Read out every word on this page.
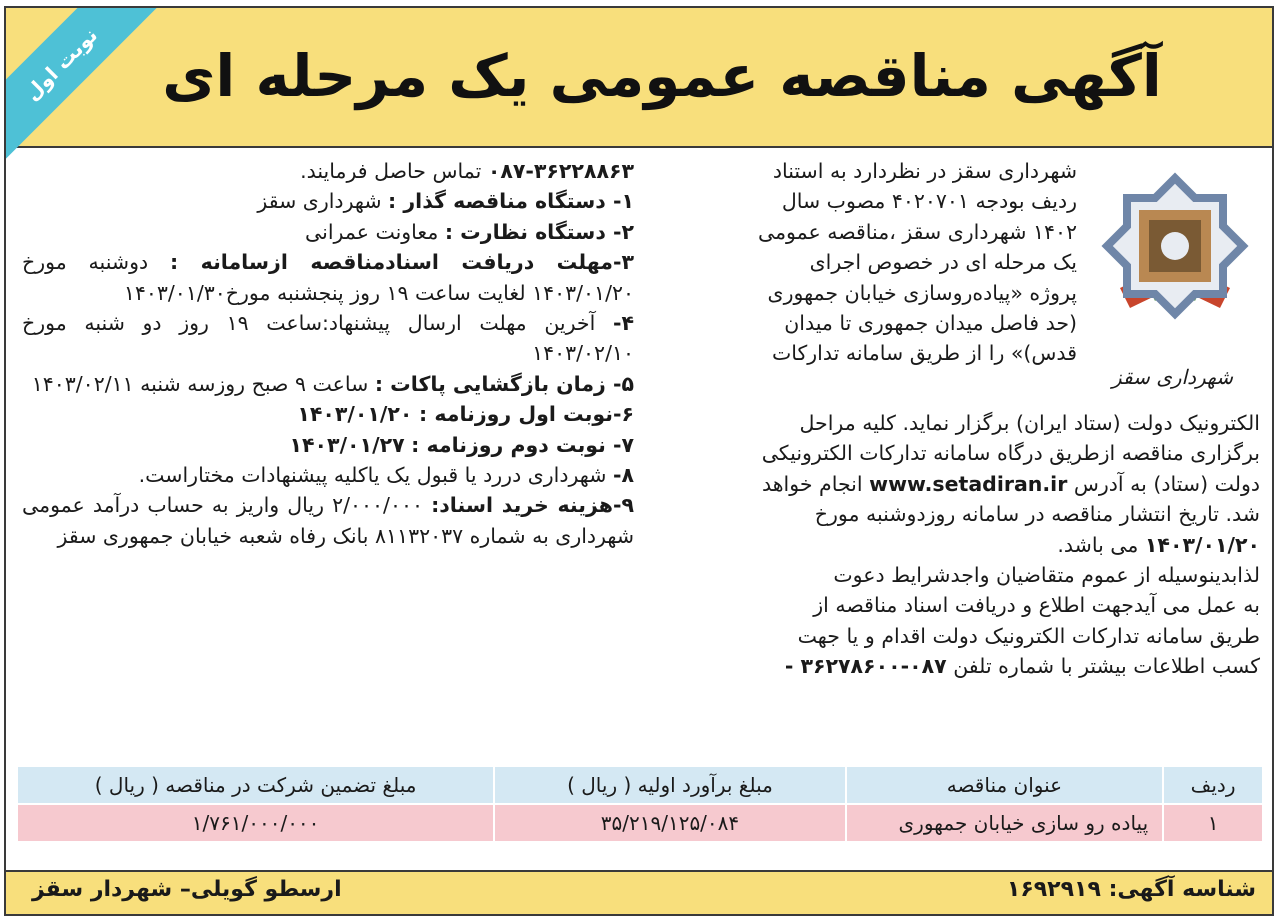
نوبت اول	آگهی مناقصه عمومی یک مرحله ای
شهرداری سقز
شهرداری سقز در نظردارد به استناد
ردیف بودجه ۴۰۲۰۷۰۱ مصوب سال
۱۴۰۲ شهرداری سقز ،مناقصه عمومی
یک مرحله ای در خصوص اجرای
پروژه «پیاده‌روسازی خیابان جمهوری
(حد فاصل میدان جمهوری تا میدان
قدس)» را از طریق سامانه تدارکات
الکترونیک دولت (ستاد ایران) برگزار نماید. کلیه مراحل
برگزاری مناقصه ازطریق درگاه سامانه تدارکات الکترونیکی
دولت (ستاد) به آدرس www.setadiran.ir انجام خواهد
شد. تاریخ انتشار مناقصه در سامانه روزدوشنبه مورخ
۱۴۰۳/۰۱/۲۰ می باشد.
لذابدینوسیله از عموم متقاضیان واجدشرایط دعوت
به عمل می آیدجهت اطلاع و دریافت اسناد مناقصه از
طریق سامانه تدارکات الکترونیک دولت اقدام و یا جهت
کسب اطلاعات بیشتر با شماره تلفن ۰۸۷-۳۶۲۷۸۶۰۰ -
۰۸۷-۳۶۲۲۸۸۶۳ تماس حاصل فرمایند.
۱- دستگاه مناقصه گذار : شهرداری سقز
۲- دستگاه نظارت : معاونت عمرانی
۳-مهلت دریافت اسنادمناقصه ازسامانه : دوشنبه مورخ ۱۴۰۳/۰۱/۲۰ لغایت ساعت ۱۹ روز پنجشنبه مورخ۱۴۰۳/۰۱/۳۰
۴- آخرین مهلت ارسال پیشنهاد:ساعت ۱۹ روز دو شنبه مورخ ۱۴۰۳/۰۲/۱۰
۵- زمان بازگشایی پاکات : ساعت ۹ صبح روزسه شنبه ۱۴۰۳/۰۲/۱۱
۶-نوبت اول روزنامه : ۱۴۰۳/۰۱/۲۰
۷- نوبت دوم روزنامه : ۱۴۰۳/۰۱/۲۷
۸- شهرداری دررد یا قبول یک یاکلیه پیشنهادات مختاراست.
۹-هزینه خرید اسناد: ۲/۰۰۰/۰۰۰ ریال واریز به حساب درآمد عمومی شهرداری به شماره ۸۱۱۳۲۰۳۷ بانک رفاه شعبه خیابان جمهوری سقز
ردیف	عنوان مناقصه	مبلغ برآورد اولیه ( ریال )	مبلغ تضمین شرکت در مناقصه ( ریال )
۱	پیاده رو سازی خیابان جمهوری	۳۵/۲۱۹/۱۲۵/۰۸۴	۱/۷۶۱/۰۰۰/۰۰۰
شناسه آگهی: ۱۶۹۲۹۱۹
ارسطو گویلی– شهردار سقز
